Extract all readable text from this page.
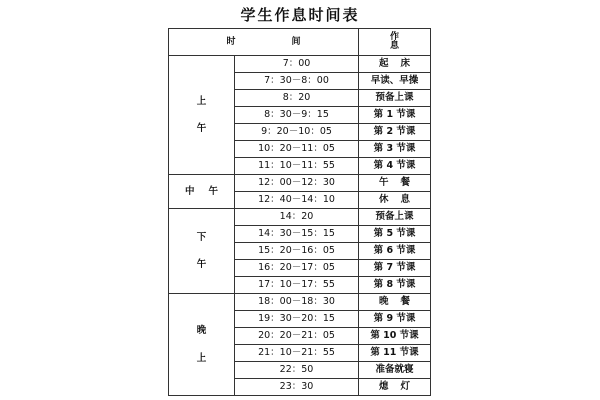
学生作息时间表
时间		作息

上
午	7：00	起床
	7：30－8：00	早读、早操
	8：20	预备上课
	8：30－9：15	第 1 节课
	9：20－10：05	第 2 节课
	10：20－11：05	第 3 节课
	11：10－11：55	第 4 节课
中午	12：00－12：30	午餐
	12：40－14：10	休息

下
午	14：20	预备上课
	14：30－15：15	第 5 节课
	15：20－16：05	第 6 节课
	16：20－17：05	第 7 节课
	17：10－17：55	第 8 节课

晚
上	18：00－18：30	晚餐
	19：30－20：15	第 9 节课
	20：20－21：05	第 10 节课
	21：10－21：55	第 11 节课
	22：50	准备就寝
	23：30	熄灯
